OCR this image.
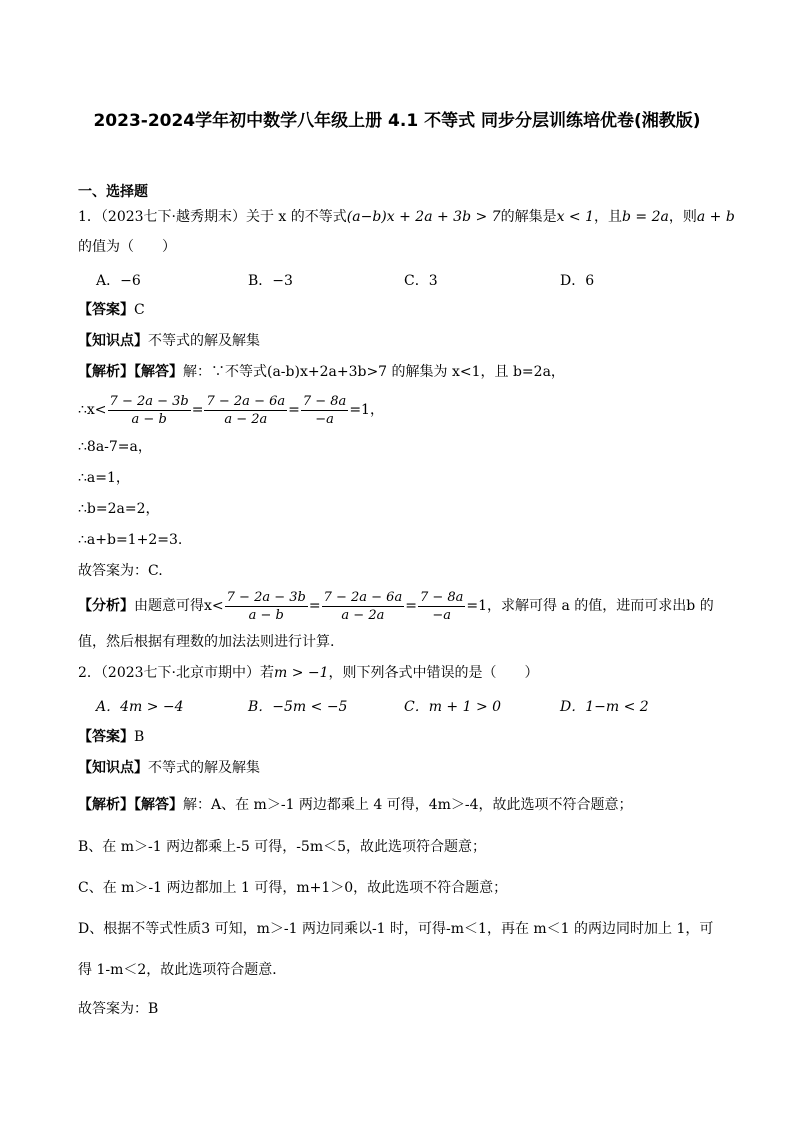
2023-2024学年初中数学八年级上册 4.1 不等式 同步分层训练培优卷(湘教版)
一、选择题
1．（2023七下·越秀期末）关于 x 的不等式(a−b)x + 2a + 3b > 7的解集是x < 1，且b = 2a，则a + b
的值为（　　）
A．−6	B．−3	C．3	D．6
【答案】C
【知识点】不等式的解及解集
【解析】【解答】解：∵不等式(a-b)x+2a+3b>7 的解集为 x<1，且 b=2a，
∴x< $\frac{7 - 2a - 3b}{a - b} = \frac{7 - 2a - 6a}{a - 2a} = \frac{7 - 8a}{-a} =1$，
∴8a-7=a，
∴a=1，
∴b=2a=2，
∴a+b=1+2=3.
故答案为：C.
【分析】由题意可得$x< \frac{7 - 2a - 3b}{a - b} = \frac{7 - 2a - 6a}{a - 2a} = \frac{7 - 8a}{-a} =1$，求解可得 a 的值，进而可求出b 的
值，然后根据有理数的加法法则进行计算.
2．（2023七下·北京市期中）若m > −1，则下列各式中错误的是（　　）
A．4m > −4	B．−5m < −5	C．m + 1 > 0	D．1−m < 2
【答案】B
【知识点】不等式的解及解集
【解析】【解答】解：A、在 m＞-1 两边都乘上 4 可得，4m＞-4，故此选项不符合题意；
B、在 m＞-1 两边都乘上-5 可得，-5m＜5，故此选项符合题意；
C、在 m＞-1 两边都加上 1 可得，m+1＞0，故此选项不符合题意；
D、根据不等式性质3 可知，m＞-1 两边同乘以-1 时，可得-m＜1，再在 m＜1 的两边同时加上 1，可
得 1-m＜2，故此选项符合题意．
故答案为：B
